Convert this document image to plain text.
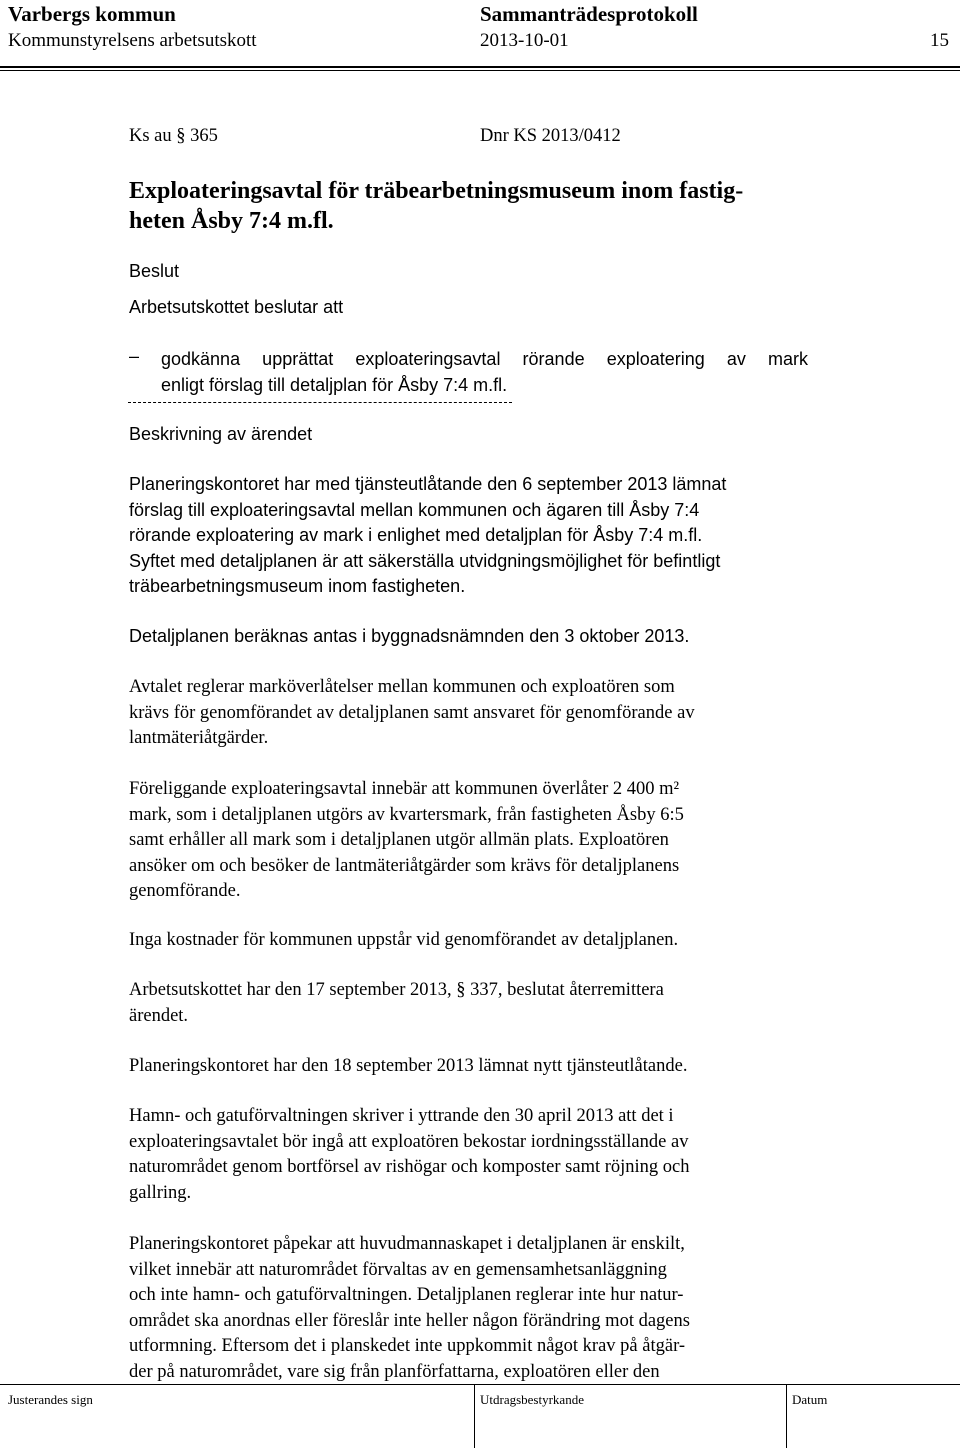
Varbergs kommun	Sammanträdesprotokoll
Kommunstyrelsens arbetsutskott	2013-10-01	15
Ks au § 365	Dnr KS 2013/0412
Exploateringsavtal för träbearbetningsmuseum inom fastig-
heten Åsby 7:4 m.fl.
Beslut
Arbetsutskottet beslutar att
– godkänna upprättat exploateringsavtal rörande exploatering av mark
enligt förslag till detaljplan för Åsby 7:4 m.fl.
Beskrivning av ärendet
Planeringskontoret har med tjänsteutlåtande den 6 september 2013 lämnat
förslag till exploateringsavtal mellan kommunen och ägaren till Åsby 7:4
rörande exploatering av mark i enlighet med detaljplan för Åsby 7:4 m.fl.
Syftet med detaljplanen är att säkerställa utvidgningsmöjlighet för befintligt
träbearbetningsmuseum inom fastigheten.
Detaljplanen beräknas antas i byggnadsnämnden den 3 oktober 2013.
Avtalet reglerar marköverlåtelser mellan kommunen och exploatören som
krävs för genomförandet av detaljplanen samt ansvaret för genomförande av
lantmäteriåtgärder.
Föreliggande exploateringsavtal innebär att kommunen överlåter 2 400 m²
mark, som i detaljplanen utgörs av kvartersmark, från fastigheten Åsby 6:5
samt erhåller all mark som i detaljplanen utgör allmän plats. Exploatören
ansöker om och besöker de lantmäteriåtgärder som krävs för detaljplanens
genomförande.
Inga kostnader för kommunen uppstår vid genomförandet av detaljplanen.
Arbetsutskottet har den 17 september 2013, § 337, beslutat återremittera
ärendet.
Planeringskontoret har den 18 september 2013 lämnat nytt tjänsteutlåtande.
Hamn- och gatuförvaltningen skriver i yttrande den 30 april 2013 att det i
exploateringsavtalet bör ingå att exploatören bekostar iordningsställande av
naturområdet genom bortförsel av rishögar och komposter samt röjning och
gallring.
Planeringskontoret påpekar att huvudmannaskapet i detaljplanen är enskilt,
vilket innebär att naturområdet förvaltas av en gemensamhetsanläggning
och inte hamn- och gatuförvaltningen. Detaljplanen reglerar inte hur natur-
området ska anordnas eller föreslår inte heller någon förändring mot dagens
utformning. Eftersom det i planskedet inte uppkommit något krav på åtgär-
der på naturområdet, vare sig från planförfattarna, exploatören eller den
Justerandes sign	Utdragsbestyrkande	Datum
